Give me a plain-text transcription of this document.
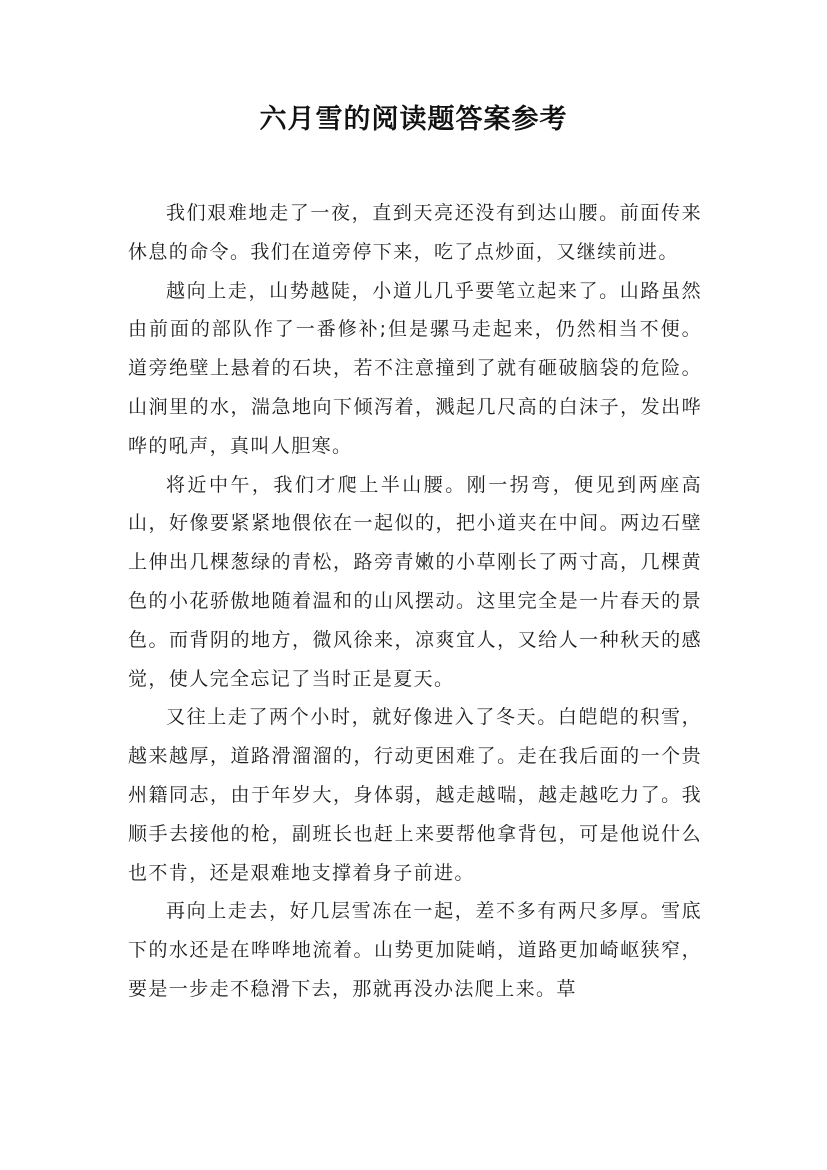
六月雪的阅读题答案参考

我们艰难地走了一夜，直到天亮还没有到达山腰。前面传来休息的命令。我们在道旁停下来，吃了点炒面，又继续前进。

越向上走，山势越陡，小道儿几乎要笔立起来了。山路虽然由前面的部队作了一番修补;但是骡马走起来，仍然相当不便。道旁绝壁上悬着的石块，若不注意撞到了就有砸破脑袋的危险。山涧里的水，湍急地向下倾泻着，溅起几尺高的白沫子，发出哗哗的吼声，真叫人胆寒。

将近中午，我们才爬上半山腰。刚一拐弯，便见到两座高山，好像要紧紧地偎依在一起似的，把小道夹在中间。两边石壁上伸出几棵葱绿的青松，路旁青嫩的小草刚长了两寸高，几棵黄色的小花骄傲地随着温和的山风摆动。这里完全是一片春天的景色。而背阴的地方，微风徐来，凉爽宜人，又给人一种秋天的感觉，使人完全忘记了当时正是夏天。

又往上走了两个小时，就好像进入了冬天。白皑皑的积雪，越来越厚，道路滑溜溜的，行动更困难了。走在我后面的一个贵州籍同志，由于年岁大，身体弱，越走越喘，越走越吃力了。我顺手去接他的枪，副班长也赶上来要帮他拿背包，可是他说什么也不肯，还是艰难地支撑着身子前进。

再向上走去，好几层雪冻在一起，差不多有两尺多厚。雪底下的水还是在哗哗地流着。山势更加陡峭，道路更加崎岖狭窄，要是一步走不稳滑下去，那就再没办法爬上来。草
